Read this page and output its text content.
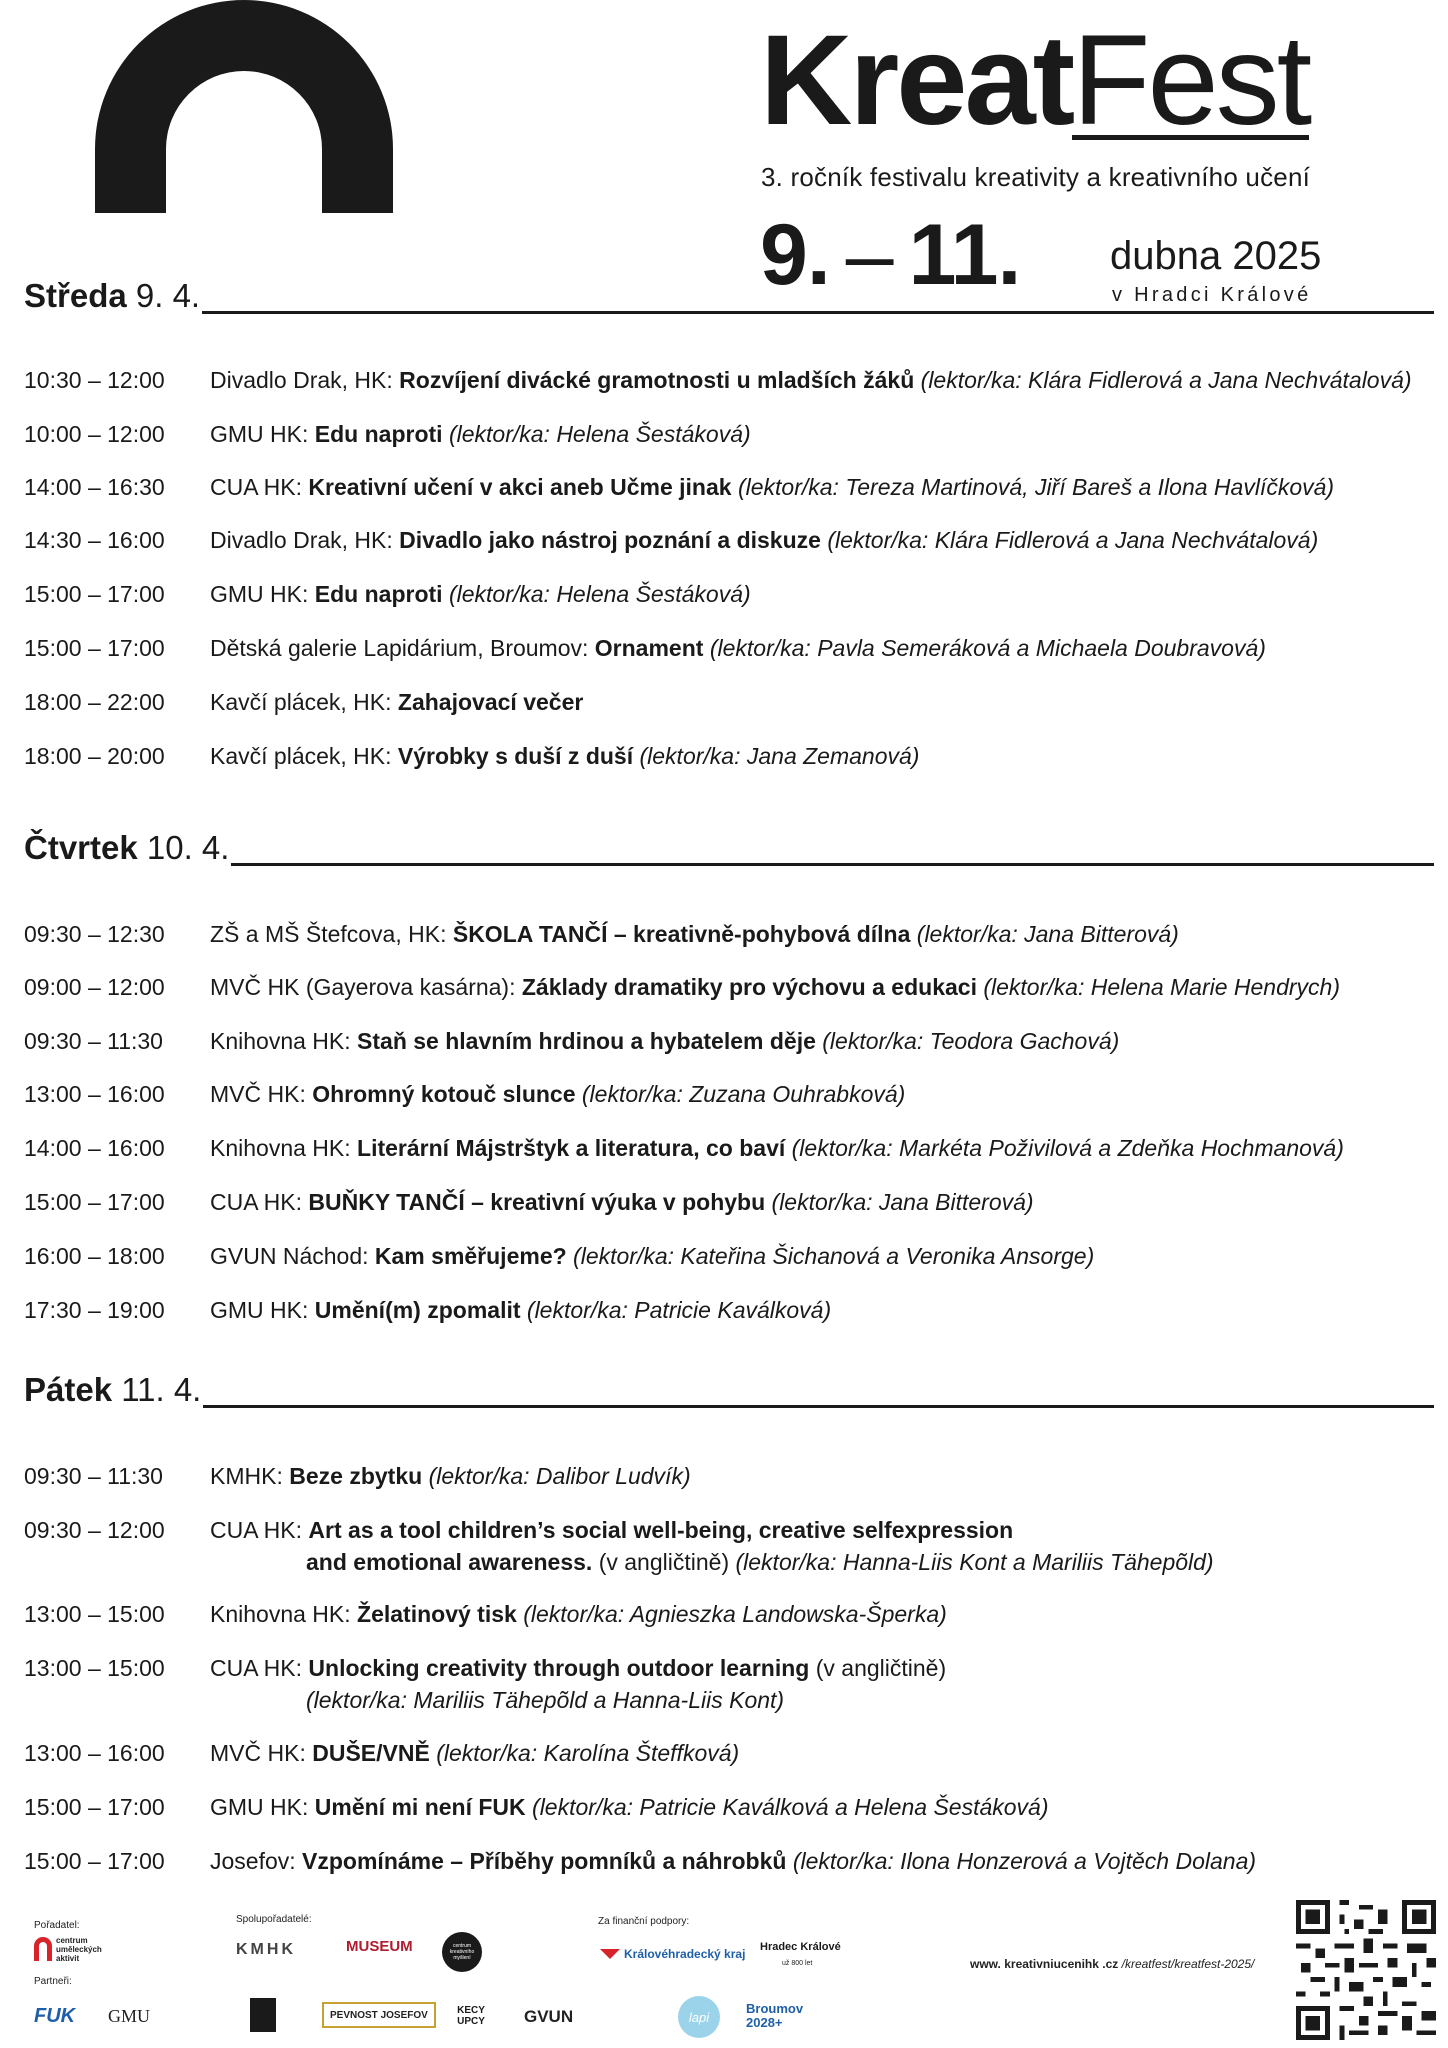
KreatFest
3. ročník festivalu kreativity a kreativního učení
9. – 11. dubna 2025
v Hradci Králové
Středa 9. 4.
10:30 – 12:00 Divadlo Drak, HK: Rozvíjení divácké gramotnosti u mladších žáků (lektor/ka: Klára Fidlerová a Jana Nechvátalová)
10:00 – 12:00 GMU HK: Edu naproti (lektor/ka: Helena Šestáková)
14:00 – 16:30 CUA HK: Kreativní učení v akci aneb Učme jinak (lektor/ka: Tereza Martinová, Jiří Bareš a Ilona Havlíčková)
14:30 – 16:00 Divadlo Drak, HK: Divadlo jako nástroj poznání a diskuze (lektor/ka: Klára Fidlerová a Jana Nechvátalová)
15:00 – 17:00 GMU HK: Edu naproti (lektor/ka: Helena Šestáková)
15:00 – 17:00 Dětská galerie Lapidárium, Broumov: Ornament (lektor/ka: Pavla Semeráková a Michaela Doubravová)
18:00 – 22:00 Kavčí plácek, HK: Zahajovací večer
18:00 – 20:00 Kavčí plácek, HK: Výrobky s duší z duší (lektor/ka: Jana Zemanová)
Čtvrtek 10. 4.
09:30 – 12:30 ZŠ a MŠ Štefcova, HK: ŠKOLA TANČÍ – kreativně-pohybová dílna (lektor/ka: Jana Bitterová)
09:00 – 12:00 MVČ HK (Gayerova kasárna): Základy dramatiky pro výchovu a edukaci (lektor/ka: Helena Marie Hendrych)
09:30 – 11:30 Knihovna HK: Staň se hlavním hrdinou a hybatelem děje (lektor/ka: Teodora Gachová)
13:00 – 16:00 MVČ HK: Ohromný kotouč slunce (lektor/ka: Zuzana Ouhrabková)
14:00 – 16:00 Knihovna HK: Literární Májstrštyk a literatura, co baví (lektor/ka: Markéta Poživilová a Zdeňka Hochmanová)
15:00 – 17:00 CUA HK: BUŇKY TANČÍ – kreativní výuka v pohybu (lektor/ka: Jana Bitterová)
16:00 – 18:00 GVUN Náchod: Kam směřujeme? (lektor/ka: Kateřina Šichanová a Veronika Ansorge)
17:30 – 19:00 GMU HK: Umění(m) zpomalit (lektor/ka: Patricie Kaválková)
Pátek 11. 4.
09:30 – 11:30 KMHK: Beze zbytku (lektor/ka: Dalibor Ludvík)
09:30 – 12:00 CUA HK: Art as a tool children’s social well-being, creative selfexpression
and emotional awareness. (v angličtině) (lektor/ka: Hanna-Liis Kont a Mariliis Tähepõld)
13:00 – 15:00 Knihovna HK: Želatinový tisk (lektor/ka: Agnieszka Landowska-Šperka)
13:00 – 15:00 CUA HK: Unlocking creativity through outdoor learning (v angličtině)
(lektor/ka: Mariliis Tähepõld a Hanna-Liis Kont)
13:00 – 16:00 MVČ HK: DUŠE/VNĚ (lektor/ka: Karolína Šteffková)
15:00 – 17:00 GMU HK: Umění mi není FUK (lektor/ka: Patricie Kaválková a Helena Šestáková)
15:00 – 17:00 Josefov: Vzpomínáme – Příběhy pomníků a náhrobků (lektor/ka: Ilona Honzerová a Vojtěch Dolana)
Pořadatel:
Spolupořadatelé:	Za finanční podpory:
Partneři:
centrum uměleckých aktivit	KMHK	MUSEUM	centrum kreativního myšlení	Královéhradecký kraj Hradec Králové
už 800 let
FUK GMU	PEVNOST JOSEFOV	KECY UPCY	GVUN	lapi
Broumov 2028+
www. kreativniucenihk .cz /kreatfest/kreatfest-2025/
